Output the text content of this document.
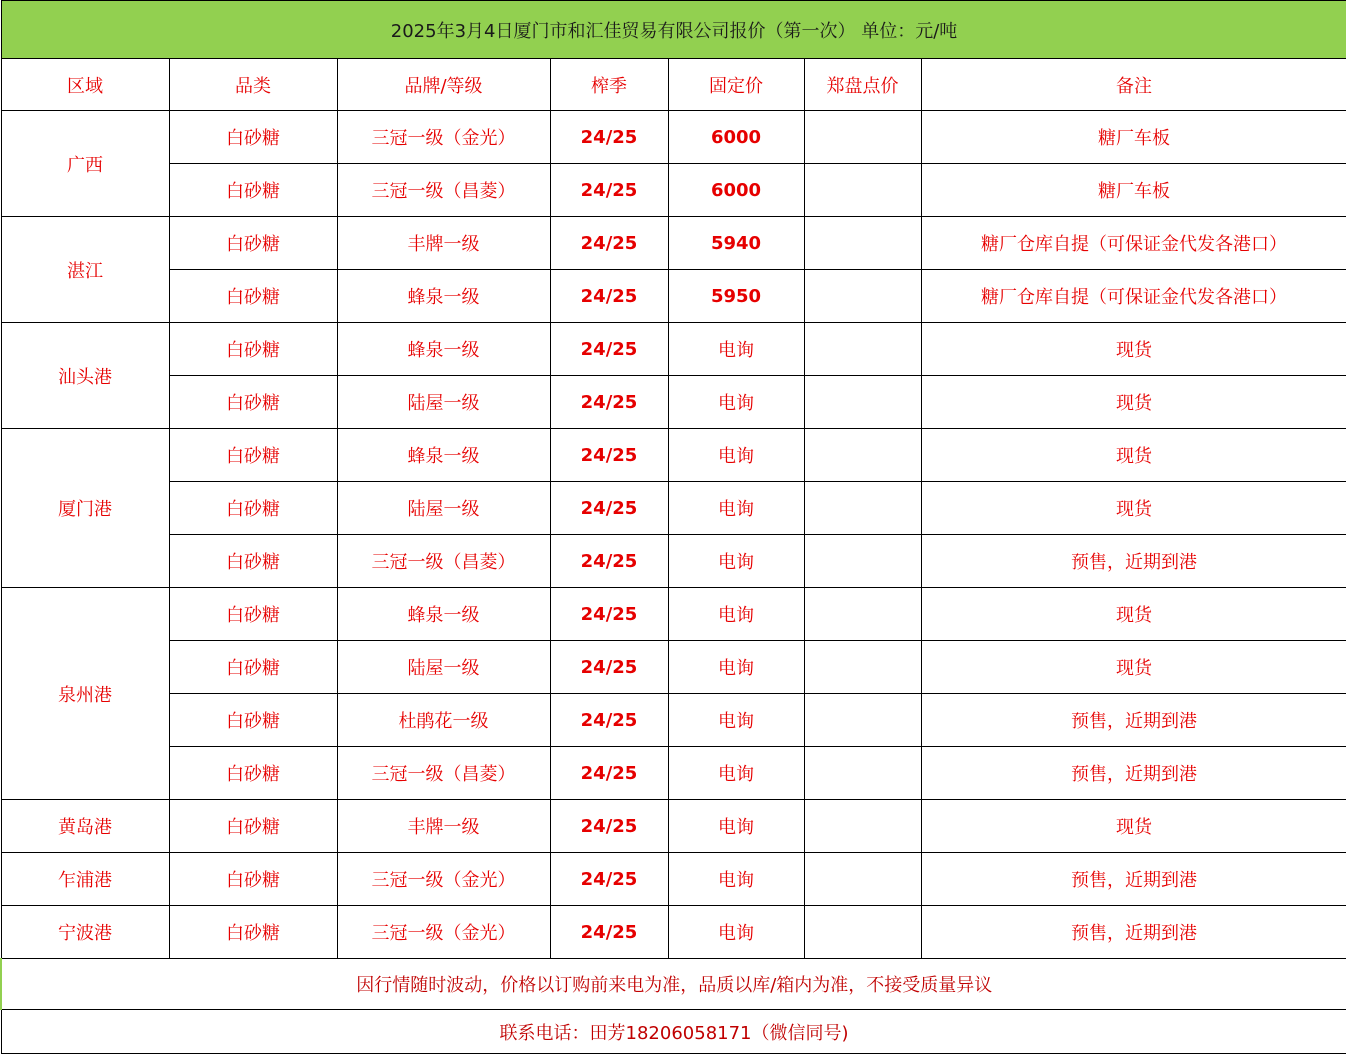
2025年3月4日厦门市和汇佳贸易有限公司报价（第一次） 单位：元/吨						
区域	品类	品牌/等级	榨季	固定价	郑盘点价	备注
广西	白砂糖	三冠一级（金光）	24/25	6000		糖厂车板
	白砂糖	三冠一级（昌菱）	24/25	6000		糖厂车板
湛江	白砂糖	丰牌一级	24/25	5940		糖厂仓库自提（可保证金代发各港口）
	白砂糖	蜂泉一级	24/25	5950		糖厂仓库自提（可保证金代发各港口）
汕头港	白砂糖	蜂泉一级	24/25	电询		现货
	白砂糖	陆屋一级	24/25	电询		现货
厦门港	白砂糖	蜂泉一级	24/25	电询		现货
	白砂糖	陆屋一级	24/25	电询		现货
	白砂糖	三冠一级（昌菱）	24/25	电询		预售，近期到港
泉州港	白砂糖	蜂泉一级	24/25	电询		现货
	白砂糖	陆屋一级	24/25	电询		现货
	白砂糖	杜鹃花一级	24/25	电询		预售，近期到港
	白砂糖	三冠一级（昌菱）	24/25	电询		预售，近期到港
黄岛港	白砂糖	丰牌一级	24/25	电询		现货
乍浦港	白砂糖	三冠一级（金光）	24/25	电询		预售，近期到港
宁波港	白砂糖	三冠一级（金光）	24/25	电询		预售，近期到港
因行情随时波动，价格以订购前来电为准，品质以库/箱内为准，不接受质量异议						
联系电话：田芳18206058171（微信同号)						
